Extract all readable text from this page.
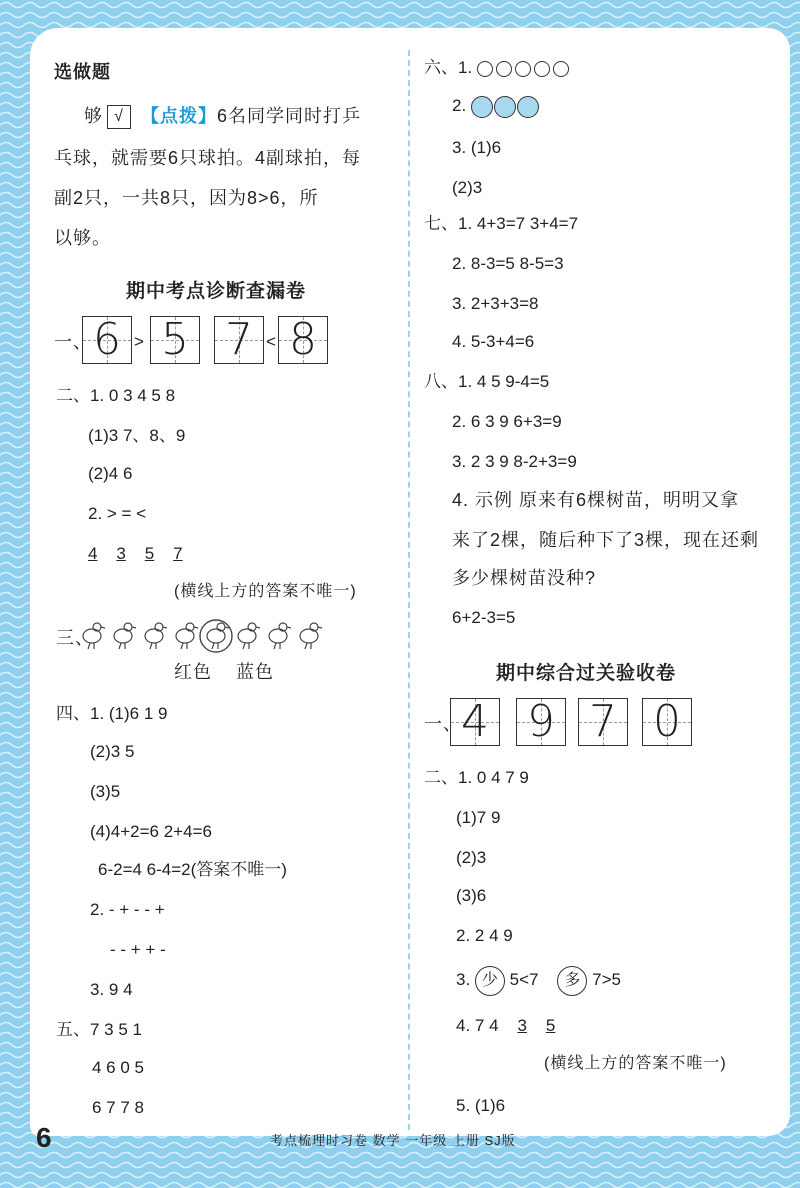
选做题
够 √ 【点拨】6名同学同时打乒
乓球，就需要6只球拍。4副球拍，每
副2只，一共8只，因为8>6，所
以够。
期中考点诊断查漏卷
一、 6 > 5 7 < 8
二、1. 0 3 4 5 8
(1)3 7、8、9
(2)4 6
2. > = <
4 3 5 7
(横线上方的答案不唯一)
三、
红色 蓝色
四、1. (1)6 1 9
(2)3 5
(3)5
(4)4+2=6 2+4=6
6-2=4 6-4=2(答案不唯一)
2. - + - - +
- - + + -
3. 9 4
五、7 3 5 1
4 6 0 5
6 7 7 8
六、1.
2.
3. (1)6
(2)3
七、1. 4+3=7 3+4=7
2. 8-3=5 8-5=3
3. 2+3+3=8
4. 5-3+4=6
八、1. 4 5 9-4=5
2. 6 3 9 6+3=9
3. 2 3 9 8-2+3=9
4. 示例 原来有6棵树苗，明明又拿
来了2棵，随后种下了3棵，现在还剩
多少棵树苗没种?
6+2-3=5
期中综合过关验收卷
一、 4 9 7 0
二、1. 0 4 7 9
(1)7 9
(2)3
(3)6
2. 2 4 9
3. 少 5<7 多 7>5
4. 7 4 3 5
(横线上方的答案不唯一)
5. (1)6
6	考点梳理时习卷 数学 一年级 上册 SJ版
